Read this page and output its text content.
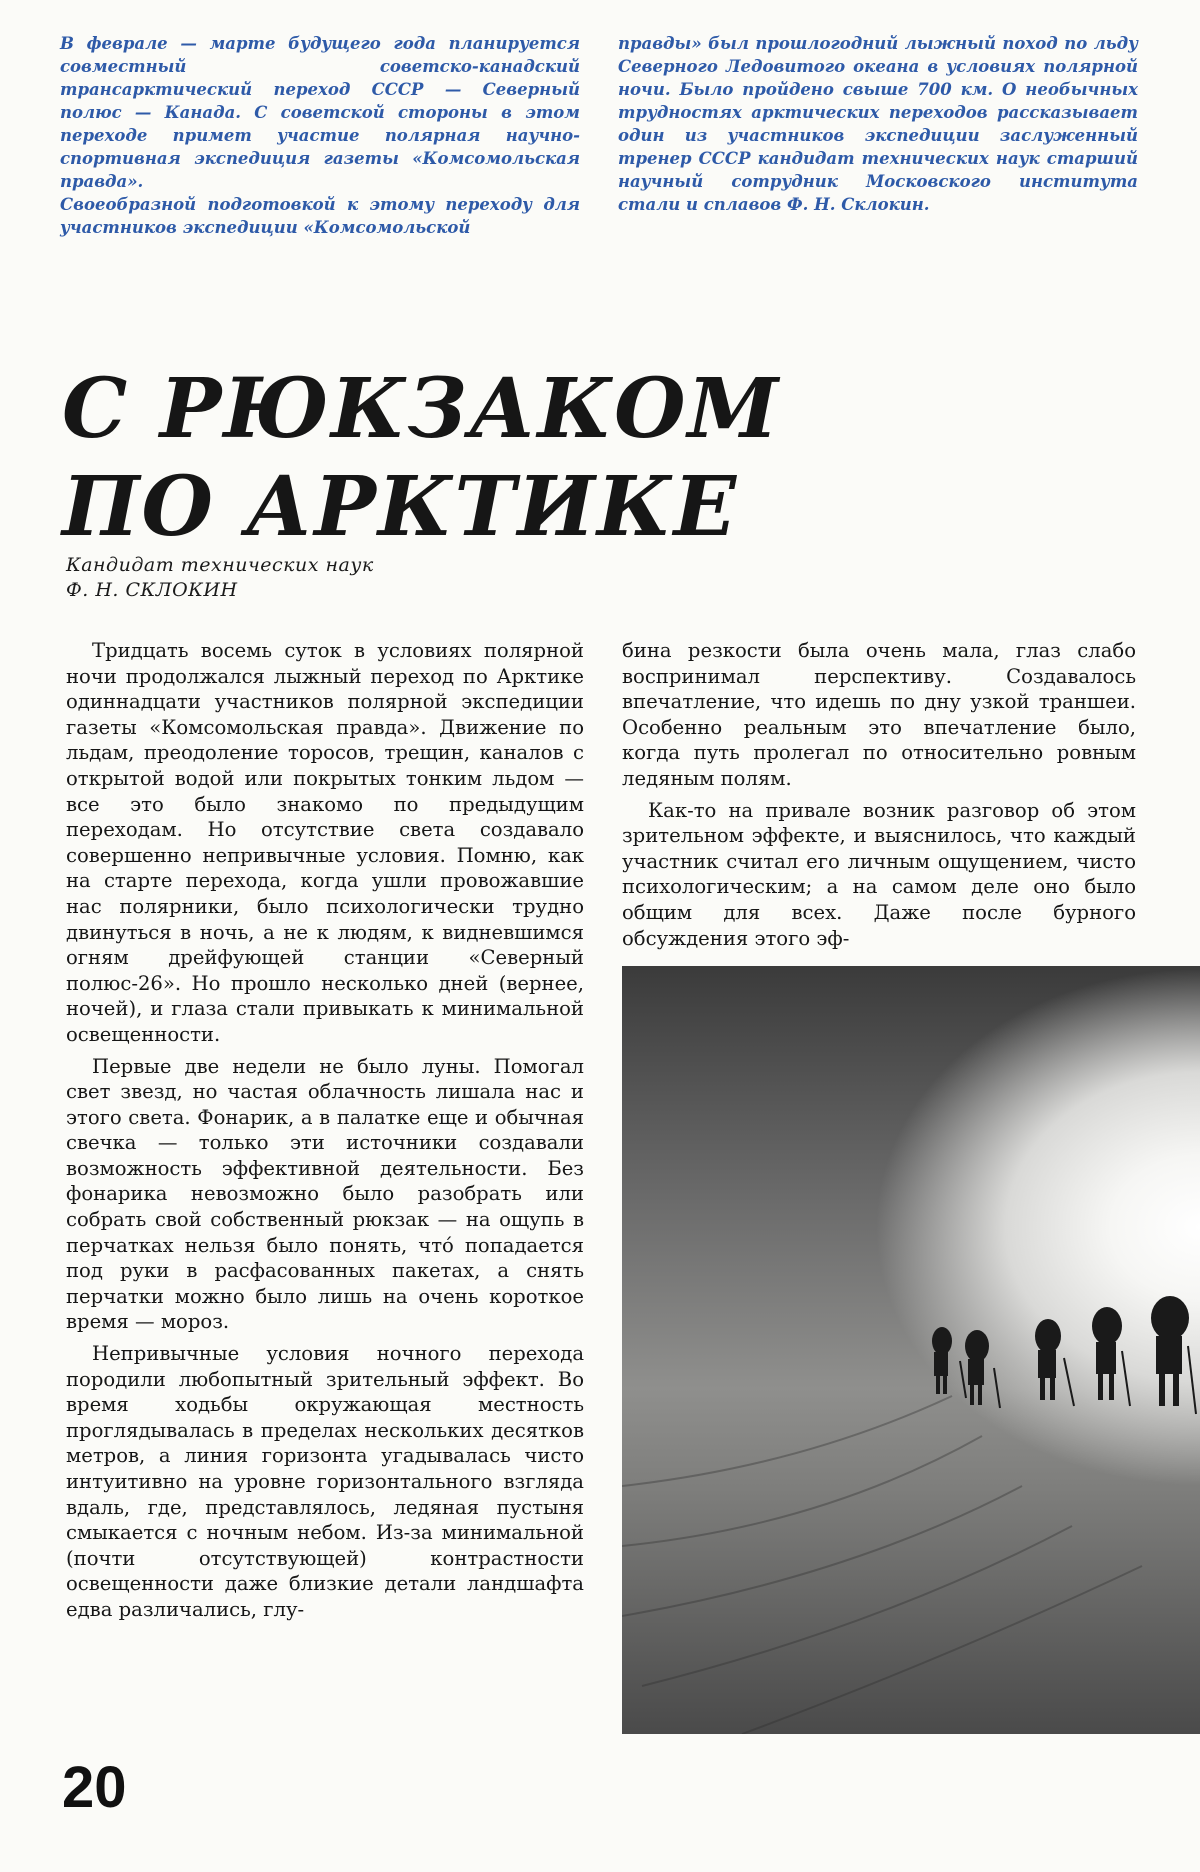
В феврале — марте будущего года планируется совместный советско-канадский трансарктический переход СССР — Северный полюс — Канада. С советской стороны в этом переходе примет участие полярная научно-спортивная экспедиция газеты «Комсомольская правда».

Своеобразной подготовкой к этому переходу для участников экспедиции «Комсомольской

правды» был прошлогодний лыжный поход по льду Северного Ледовитого океана в условиях полярной ночи. Было пройдено свыше 700 км. О необычных трудностях арктических переходов рассказывает один из участников экспедиции заслуженный тренер СССР кандидат технических наук старший научный сотрудник Московского института стали и сплавов Ф. Н. Склокин.

С РЮКЗАКОМ
ПО АРКТИКЕ
Кандидат технических наук
Ф. Н. СКЛОКИН

Тридцать восемь суток в условиях полярной ночи продолжался лыжный переход по Арктике одиннадцати участников полярной экспедиции газеты «Комсомольская правда». Движение по льдам, преодоление торосов, трещин, каналов с открытой водой или покрытых тонким льдом — все это было знакомо по предыдущим переходам. Но отсутствие света создавало совершенно непривычные условия. Помню, как на старте перехода, когда ушли провожавшие нас полярники, было психологически трудно двинуться в ночь, а не к людям, к видневшимся огням дрейфующей станции «Северный полюс-26». Но прошло несколько дней (вернее, ночей), и глаза стали привыкать к минимальной освещенности.

Первые две недели не было луны. Помогал свет звезд, но частая облачность лишала нас и этого света. Фонарик, а в палатке еще и обычная свечка — только эти источники создавали возможность эффективной деятельности. Без фонарика невозможно было разобрать или собрать свой собственный рюкзак — на ощупь в перчатках нельзя было понять, что́ попадается под руки в расфасованных пакетах, а снять перчатки можно было лишь на очень короткое время — мороз.

Непривычные условия ночного перехода породили любопытный зрительный эффект. Во время ходьбы окружающая местность проглядывалась в пределах нескольких десятков метров, а линия горизонта угадывалась чисто интуитивно на уровне горизонтального взгляда вдаль, где, представлялось, ледяная пустыня смыкается с ночным небом. Из-за минимальной (почти отсутствующей) контрастности освещенности даже близкие детали ландшафта едва различались, глу-

бина резкости была очень мала, глаз слабо воспринимал перспективу. Создавалось впечатление, что идешь по дну узкой траншеи. Особенно реальным это впечатление было, когда путь пролегал по относительно ровным ледяным полям.

Как-то на привале возник разговор об этом зрительном эффекте, и выяснилось, что каждый участник считал его личным ощущением, чисто психологическим; а на самом деле оно было общим для всех. Даже после бурного обсуждения этого эф-

20
